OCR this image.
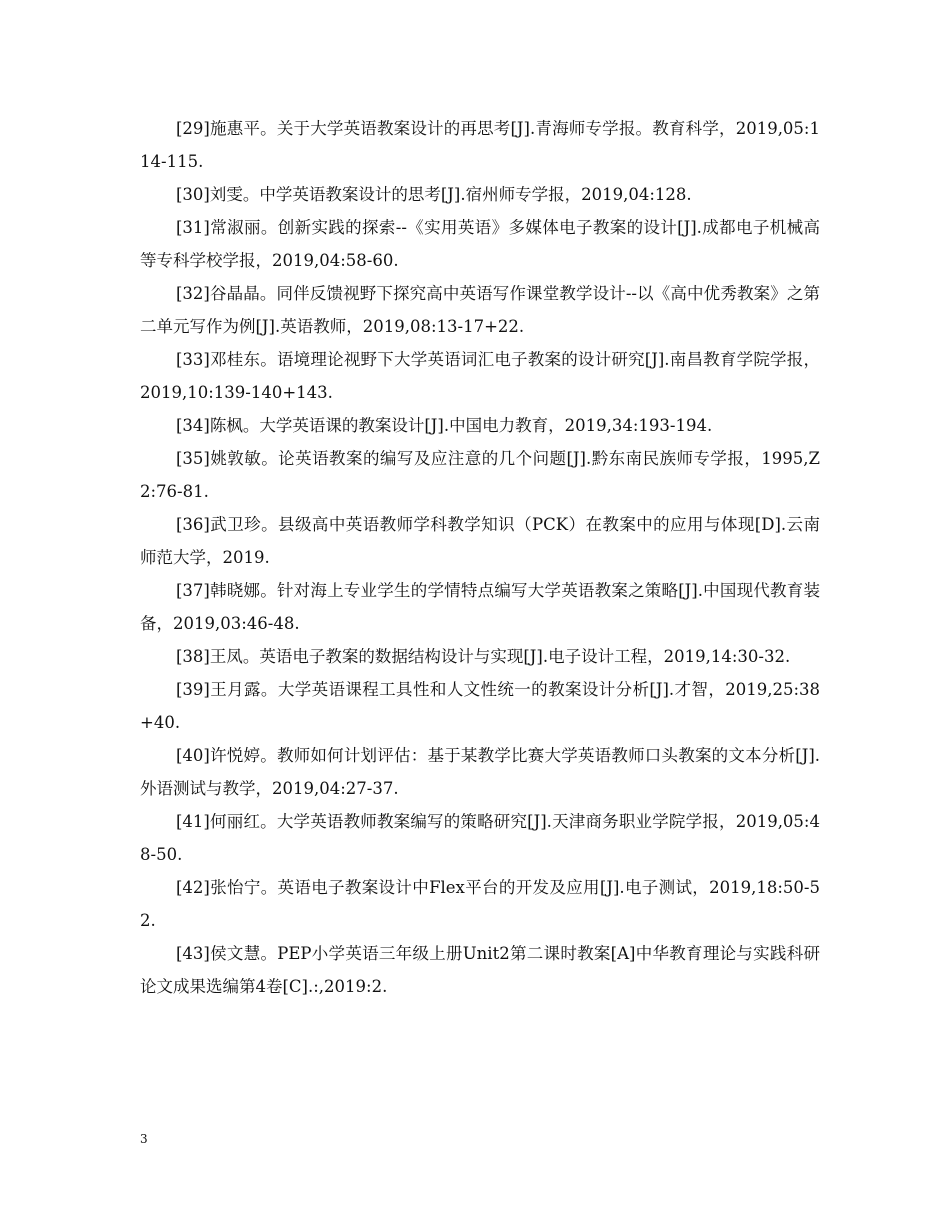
[29]施惠平。关于大学英语教案设计的再思考[J].青海师专学报。教育科学，2019,05:114-115.

[30]刘雯。中学英语教案设计的思考[J].宿州师专学报，2019,04:128.

[31]常淑丽。创新实践的探索--《实用英语》多媒体电子教案的设计[J].成都电子机械高等专科学校学报，2019,04:58-60.

[32]谷晶晶。同伴反馈视野下探究高中英语写作课堂教学设计--以《高中优秀教案》之第二单元写作为例[J].英语教师，2019,08:13-17+22.

[33]邓桂东。语境理论视野下大学英语词汇电子教案的设计研究[J].南昌教育学院学报，2019,10:139-140+143.

[34]陈枫。大学英语课的教案设计[J].中国电力教育，2019,34:193-194.

[35]姚敦敏。论英语教案的编写及应注意的几个问题[J].黔东南民族师专学报，1995,Z2:76-81.

[36]武卫珍。县级高中英语教师学科教学知识（PCK）在教案中的应用与体现[D].云南师范大学，2019.

[37]韩晓娜。针对海上专业学生的学情特点编写大学英语教案之策略[J].中国现代教育装备，2019,03:46-48.

[38]王凤。英语电子教案的数据结构设计与实现[J].电子设计工程，2019,14:30-32.

[39]王月露。大学英语课程工具性和人文性统一的教案设计分析[J].才智，2019,25:38+40.

[40]许悦婷。教师如何计划评估：基于某教学比赛大学英语教师口头教案的文本分析[J].外语测试与教学，2019,04:27-37.

[41]何丽红。大学英语教师教案编写的策略研究[J].天津商务职业学院学报，2019,05:48-50.

[42]张怡宁。英语电子教案设计中Flex平台的开发及应用[J].电子测试，2019,18:50-52.

[43]侯文慧。PEP小学英语三年级上册Unit2第二课时教案[A]中华教育理论与实践科研论文成果选编第4卷[C].:,2019:2.

3
